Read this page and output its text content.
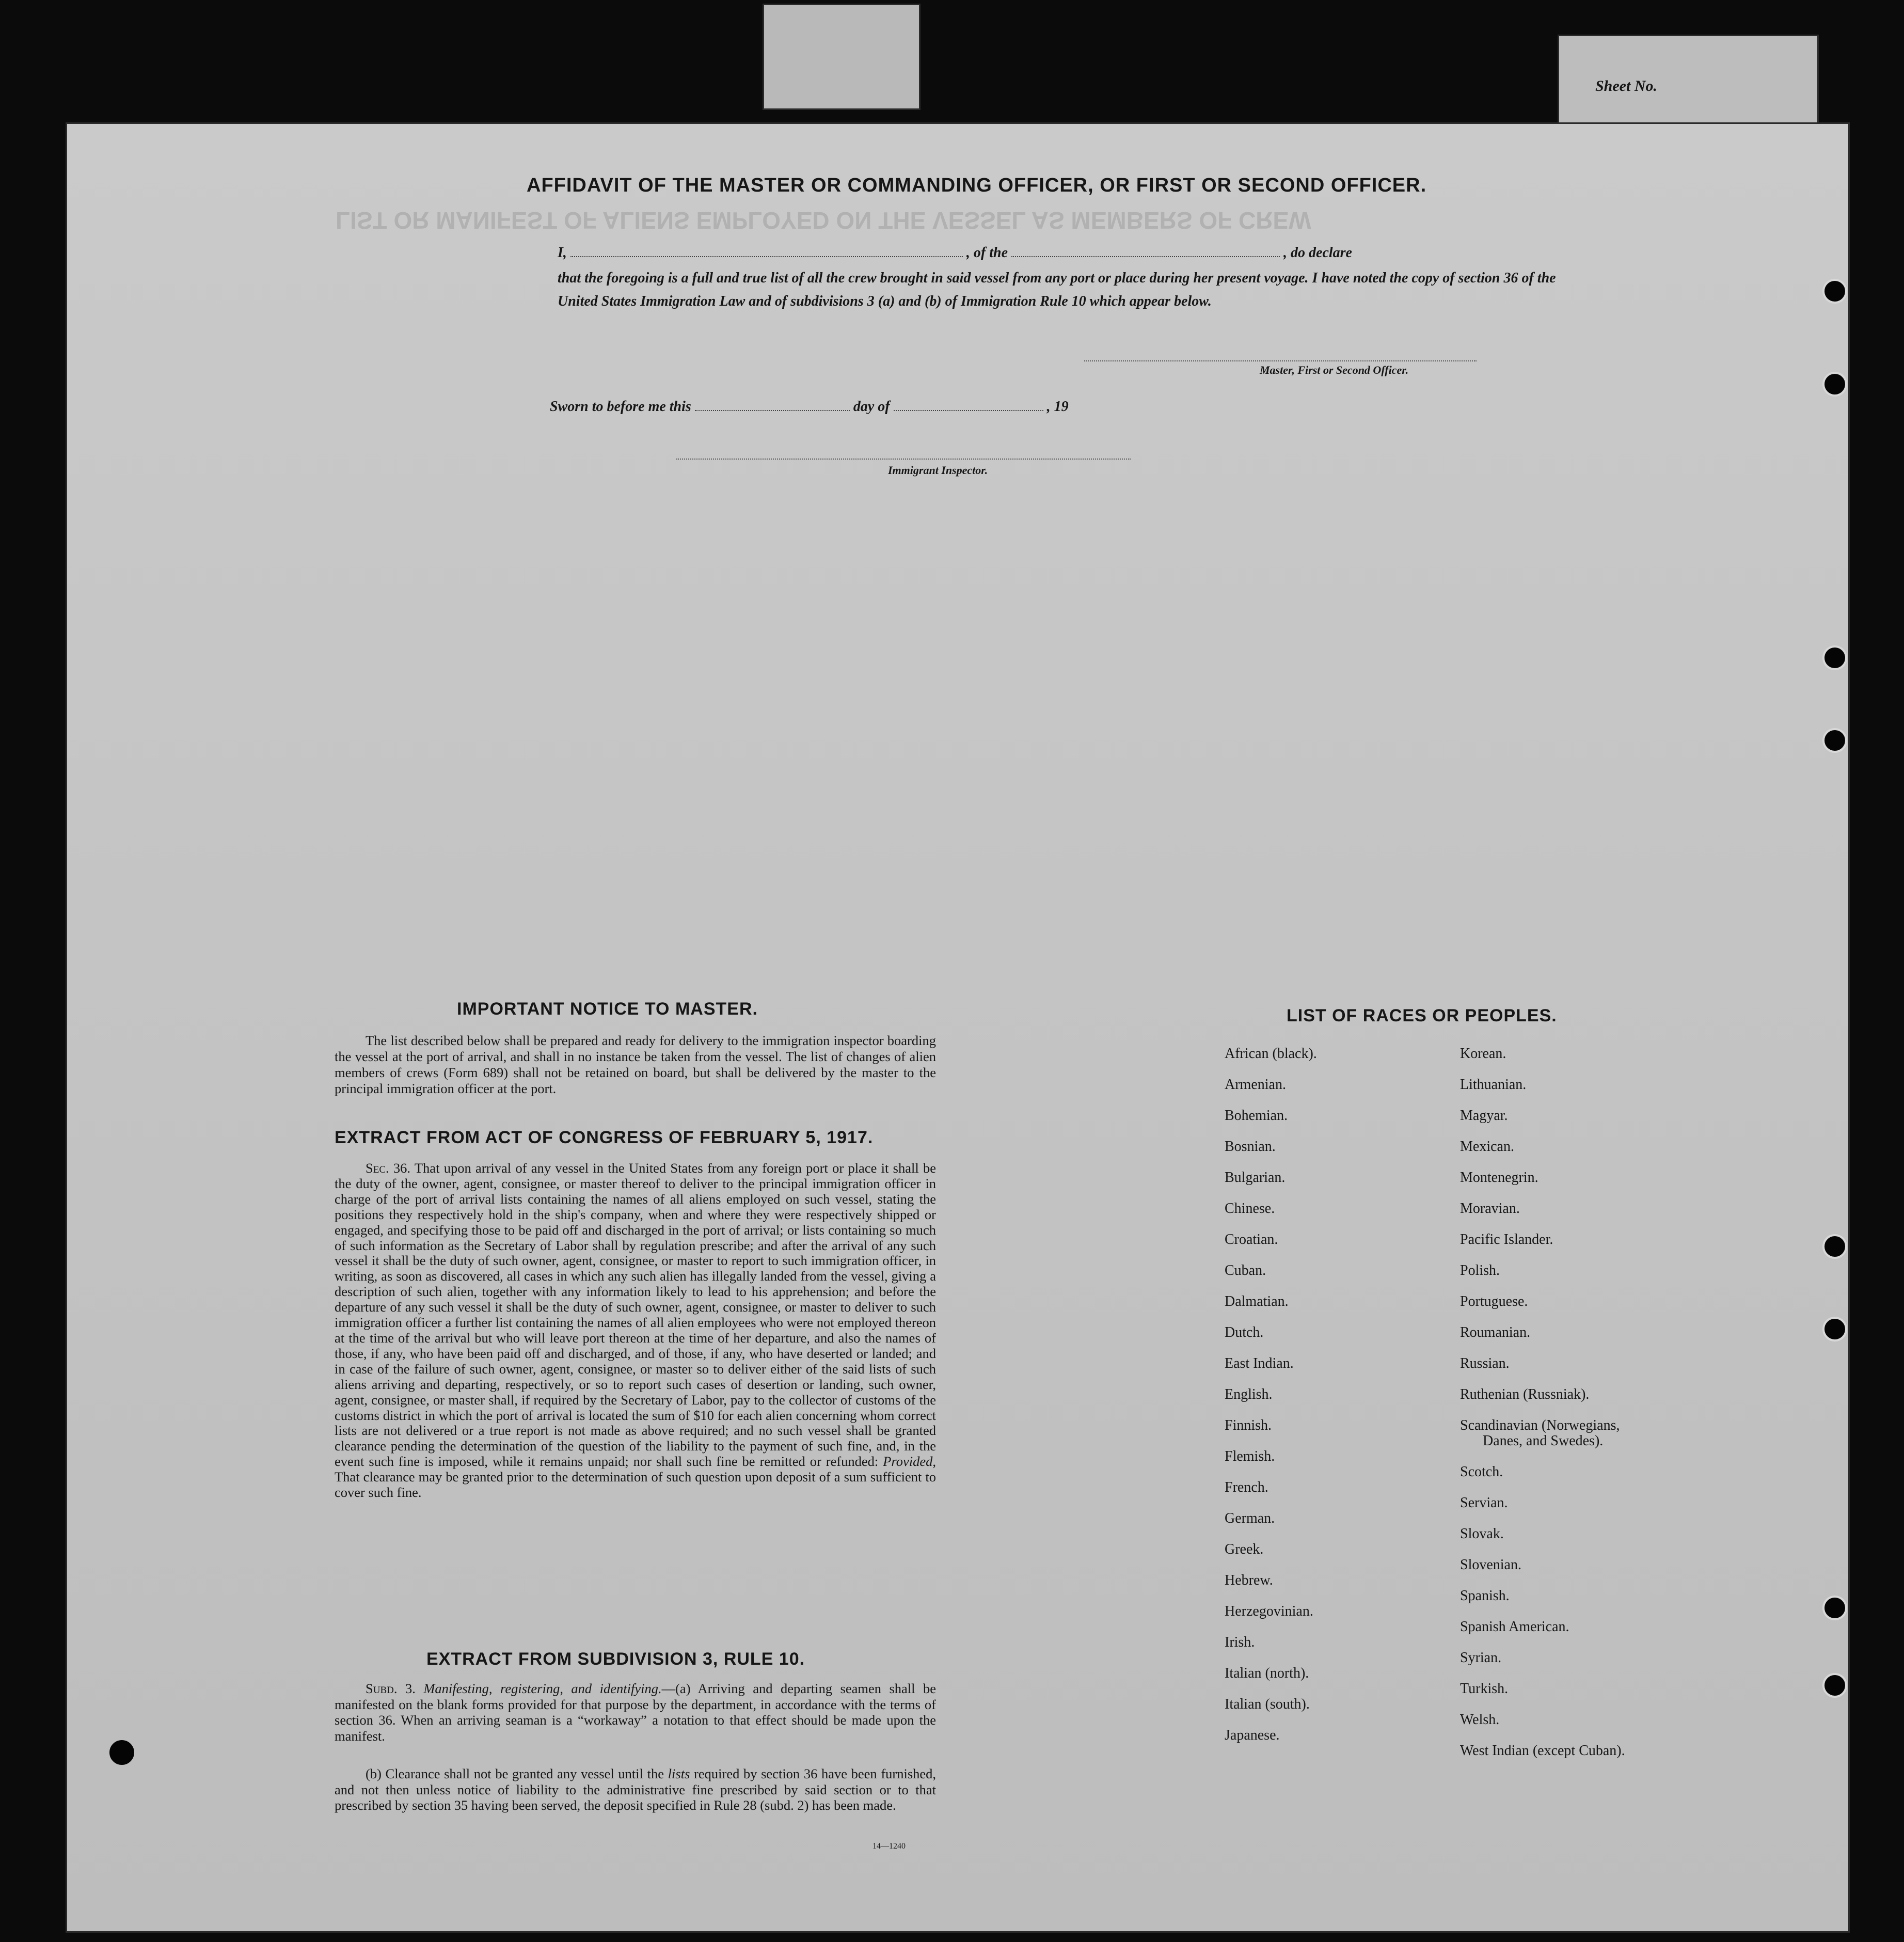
Sheet No.
LIST OR MANIFEST OF ALIENS EMPLOYED ON THE VESSEL AS MEMBERS OF CREW
AFFIDAVIT OF THE MASTER OR COMMANDING OFFICER, OR FIRST OR SECOND OFFICER.
I,	, of the	, do declare
that the foregoing is a full and true list of all the crew brought in said vessel from any port or place during her present voyage. I have noted the copy of section 36 of the United States Immigration Law and of subdivisions 3 (a) and (b) of Immigration Rule 10 which appear below.
Master, First or Second Officer.
Sworn to before me this	day of	, 19
Immigrant Inspector.
IMPORTANT NOTICE TO MASTER.
The list described below shall be prepared and ready for delivery to the immigration inspector boarding the vessel at the port of arrival, and shall in no instance be taken from the vessel. The list of changes of alien members of crews (Form 689) shall not be retained on board, but shall be delivered by the master to the principal immigration officer at the port.
EXTRACT FROM ACT OF CONGRESS OF FEBRUARY 5, 1917.
Sec. 36. That upon arrival of any vessel in the United States from any foreign port or place it shall be the duty of the owner, agent, consignee, or master thereof to deliver to the principal immigration officer in charge of the port of arrival lists containing the names of all aliens employed on such vessel, stating the positions they respectively hold in the ship's company, when and where they were respectively shipped or engaged, and specifying those to be paid off and discharged in the port of arrival; or lists containing so much of such information as the Secretary of Labor shall by regulation prescribe; and after the arrival of any such vessel it shall be the duty of such owner, agent, consignee, or master to report to such immigration officer, in writing, as soon as discovered, all cases in which any such alien has illegally landed from the vessel, giving a description of such alien, together with any information likely to lead to his apprehension; and before the departure of any such vessel it shall be the duty of such owner, agent, consignee, or master to deliver to such immigration officer a further list containing the names of all alien employees who were not employed thereon at the time of the arrival but who will leave port thereon at the time of her departure, and also the names of those, if any, who have been paid off and discharged, and of those, if any, who have deserted or landed; and in case of the failure of such owner, agent, consignee, or master so to deliver either of the said lists of such aliens arriving and departing, respectively, or so to report such cases of desertion or landing, such owner, agent, consignee, or master shall, if required by the Secretary of Labor, pay to the collector of customs of the customs district in which the port of arrival is located the sum of $10 for each alien concerning whom correct lists are not delivered or a true report is not made as above required; and no such vessel shall be granted clearance pending the determination of the question of the liability to the payment of such fine, and, in the event such fine is imposed, while it remains unpaid; nor shall such fine be remitted or refunded: Provided, That clearance may be granted prior to the determination of such question upon deposit of a sum sufficient to cover such fine.
EXTRACT FROM SUBDIVISION 3, RULE 10.
Subd. 3. Manifesting, registering, and identifying.—(a) Arriving and departing seamen shall be manifested on the blank forms provided for that purpose by the department, in accordance with the terms of section 36. When an arriving seaman is a “workaway” a notation to that effect should be made upon the manifest.
(b) Clearance shall not be granted any vessel until the lists required by section 36 have been furnished, and not then unless notice of liability to the administrative fine prescribed by said section or to that prescribed by section 35 having been served, the deposit specified in Rule 28 (subd. 2) has been made.
14—1240
LIST OF RACES OR PEOPLES.
African (black).
Armenian.
Bohemian.
Bosnian.
Bulgarian.
Chinese.
Croatian.
Cuban.
Dalmatian.
Dutch.
East Indian.
English.
Finnish.
Flemish.
French.
German.
Greek.
Hebrew.
Herzegovinian.
Irish.
Italian (north).
Italian (south).
Japanese.
Korean.
Lithuanian.
Magyar.
Mexican.
Montenegrin.
Moravian.
Pacific Islander.
Polish.
Portuguese.
Roumanian.
Russian.
Ruthenian (Russniak).
Scandinavian (Norwegians,
Danes, and Swedes).
Scotch.
Servian.
Slovak.
Slovenian.
Spanish.
Spanish American.
Syrian.
Turkish.
Welsh.
West Indian (except Cuban).
